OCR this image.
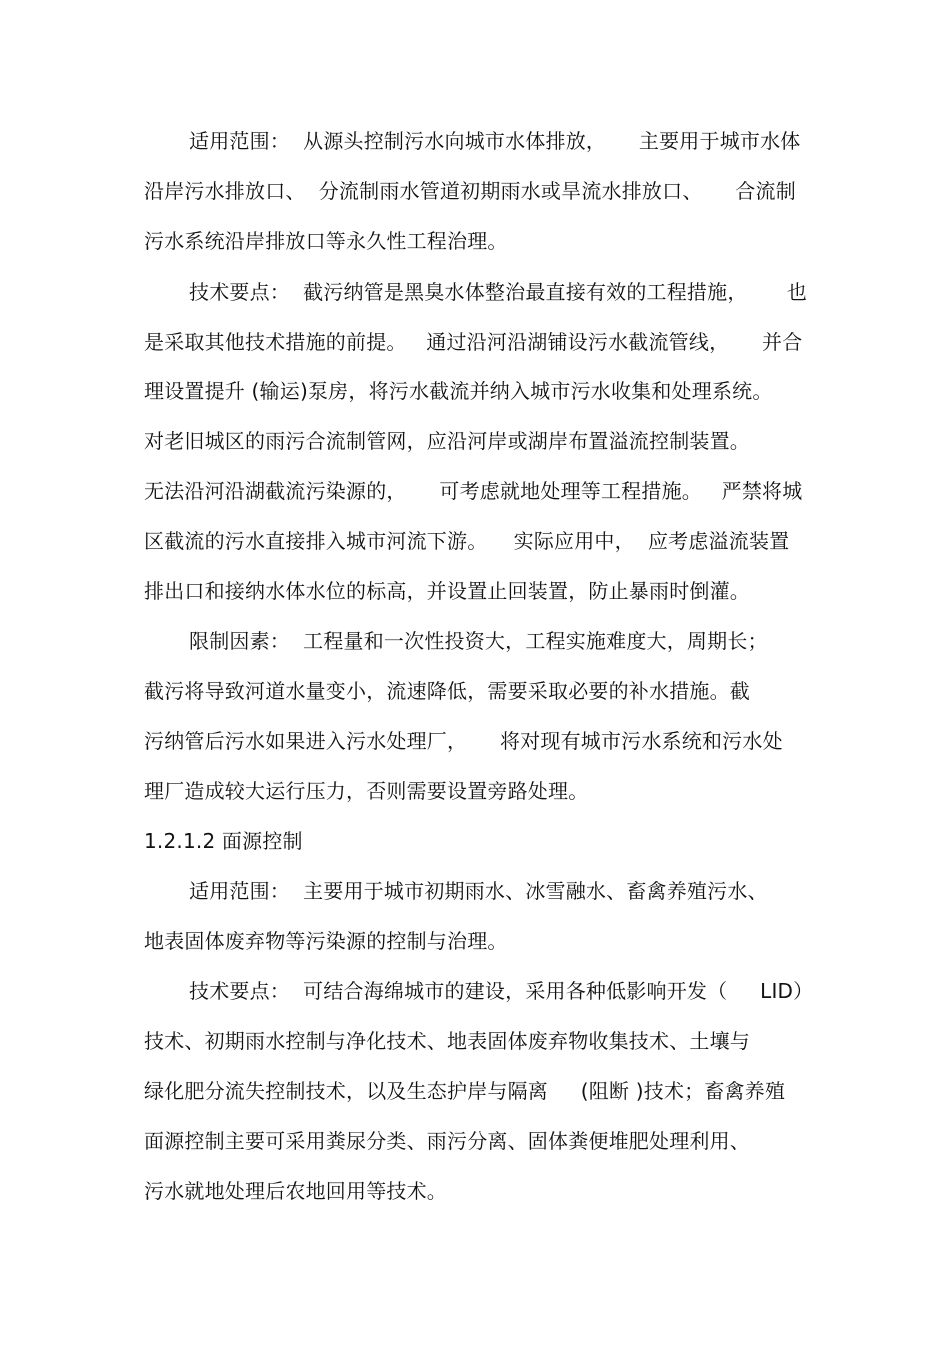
适用范围：  从源头控制污水向城市水体排放，     主要用于城市水体
沿岸污水排放口、  分流制雨水管道初期雨水或旱流水排放口、     合流制
污水系统沿岸排放口等永久性工程治理。
技术要点：  截污纳管是黑臭水体整治最直接有效的工程措施，      也
是采取其他技术措施的前提。   通过沿河沿湖铺设污水截流管线，     并合
理设置提升 (输运)泵房，将污水截流并纳入城市污水收集和处理系统。
对老旧城区的雨污合流制管网，应沿河岸或湖岸布置溢流控制装置。
无法沿河沿湖截流污染源的，     可考虑就地处理等工程措施。   严禁将城
区截流的污水直接排入城市河流下游。    实际应用中，  应考虑溢流装置
排出口和接纳水体水位的标高，并设置止回装置，防止暴雨时倒灌。
限制因素：  工程量和一次性投资大，工程实施难度大，周期长；
截污将导致河道水量变小，流速降低，需要采取必要的补水措施。截
污纳管后污水如果进入污水处理厂，     将对现有城市污水系统和污水处
理厂造成较大运行压力，否则需要设置旁路处理。
1.2.1.2 面源控制
适用范围：  主要用于城市初期雨水、冰雪融水、畜禽养殖污水、
地表固体废弃物等污染源的控制与治理。
技术要点：  可结合海绵城市的建设，采用各种低影响开发（     LID）
技术、初期雨水控制与净化技术、地表固体废弃物收集技术、土壤与
绿化肥分流失控制技术，以及生态护岸与隔离     (阻断 )技术；畜禽养殖
面源控制主要可采用粪尿分类、雨污分离、固体粪便堆肥处理利用、
污水就地处理后农地回用等技术。
